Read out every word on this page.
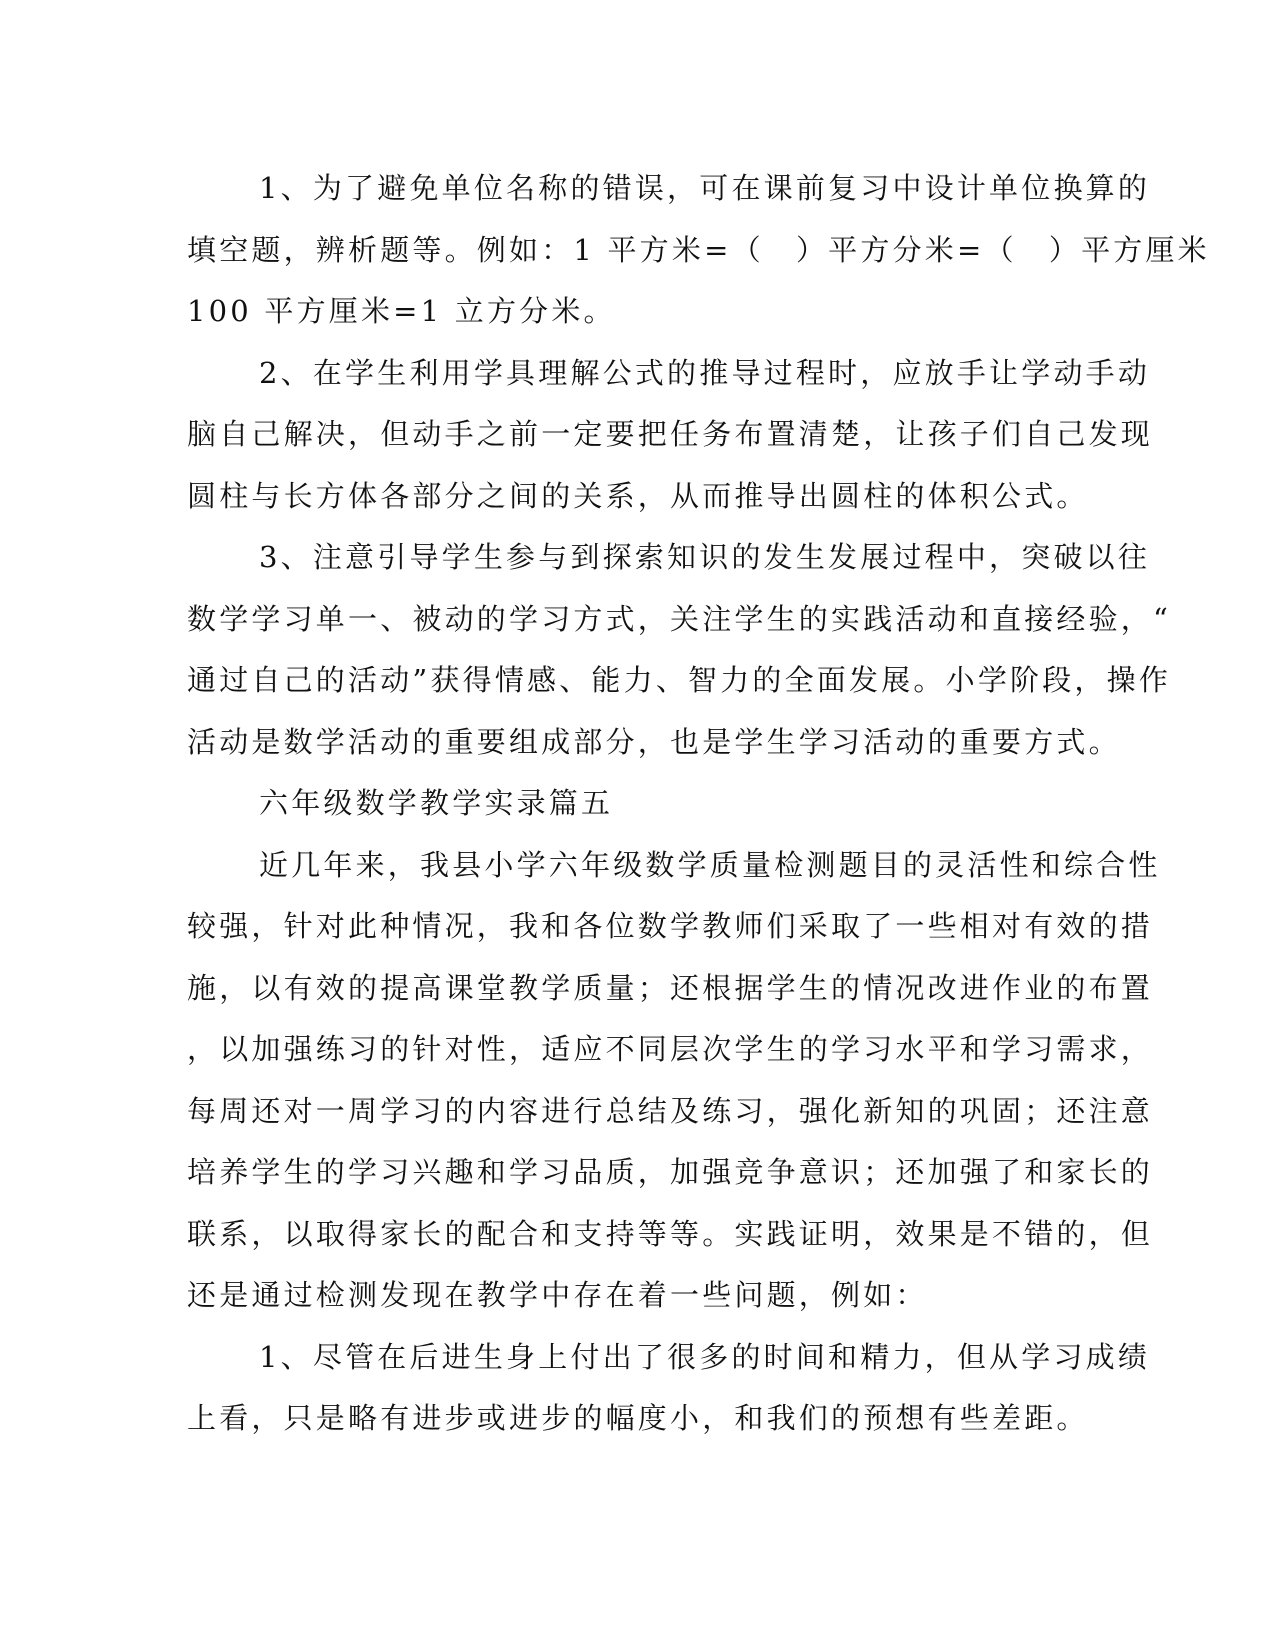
1、为了避免单位名称的错误，可在课前复习中设计单位换算的
填空题，辨析题等。例如：1 平方米=（　）平方分米=（　）平方厘米
100 平方厘米=1 立方分米。
2、在学生利用学具理解公式的推导过程时，应放手让学动手动
脑自己解决，但动手之前一定要把任务布置清楚，让孩子们自己发现
圆柱与长方体各部分之间的关系，从而推导出圆柱的体积公式。
3、注意引导学生参与到探索知识的发生发展过程中，突破以往
数学学习单一、被动的学习方式，关注学生的实践活动和直接经验，“
通过自己的活动”获得情感、能力、智力的全面发展。小学阶段，操作
活动是数学活动的重要组成部分，也是学生学习活动的重要方式。
六年级数学教学实录篇五
近几年来，我县小学六年级数学质量检测题目的灵活性和综合性
较强，针对此种情况，我和各位数学教师们采取了一些相对有效的措
施，以有效的提高课堂教学质量；还根据学生的情况改进作业的布置
，以加强练习的针对性，适应不同层次学生的学习水平和学习需求，
每周还对一周学习的内容进行总结及练习，强化新知的巩固；还注意
培养学生的学习兴趣和学习品质，加强竞争意识；还加强了和家长的
联系，以取得家长的配合和支持等等。实践证明，效果是不错的，但
还是通过检测发现在教学中存在着一些问题，例如：
1、尽管在后进生身上付出了很多的时间和精力，但从学习成绩
上看，只是略有进步或进步的幅度小，和我们的预想有些差距。
